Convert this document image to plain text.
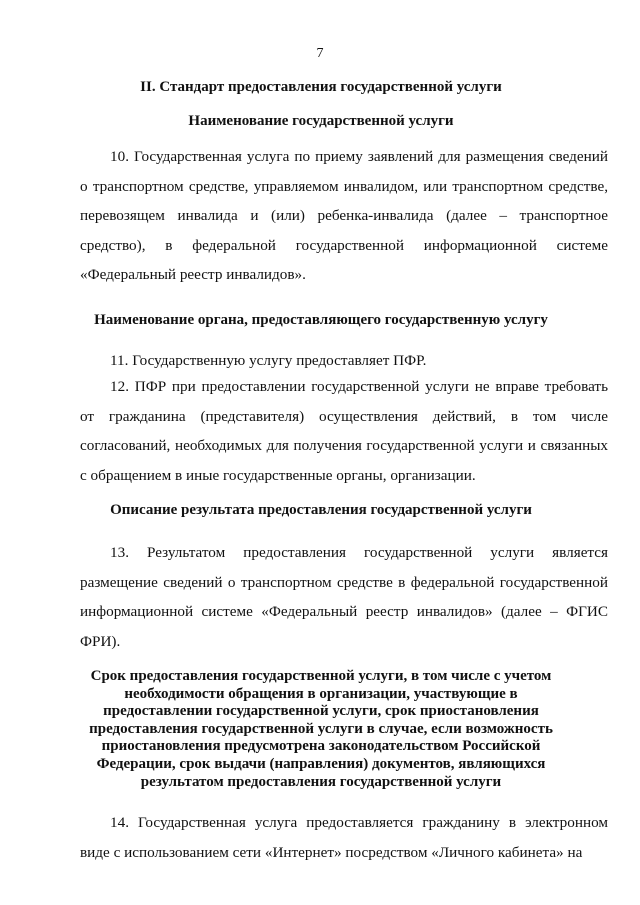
7
II. Стандарт предоставления государственной услуги
Наименование государственной услуги

10. Государственная услуга по приему заявлений для размещения сведений о транспортном средстве, управляемом инвалидом, или транспортном средстве, перевозящем инвалида и (или) ребенка-инвалида (далее – транспортное средство), в федеральной государственной информационной системе «Федеральный реестр инвалидов».

Наименование органа, предоставляющего государственную услугу

11. Государственную услугу предоставляет ПФР.

12. ПФР при предоставлении государственной услуги не вправе требовать от гражданина (представителя) осуществления действий, в том числе согласований, необходимых для получения государственной услуги и связанных с обращением в иные государственные органы, организации.

Описание результата предоставления государственной услуги

13. Результатом предоставления государственной услуги является размещение сведений о транспортном средстве в федеральной государственной информационной системе «Федеральный реестр инвалидов» (далее – ФГИС ФРИ).

Срок предоставления государственной услуги, в том числе с учетом необходимости обращения в организации, участвующие в предоставлении государственной услуги, срок приостановления предоставления государственной услуги в случае, если возможность приостановления предусмотрена законодательством Российской Федерации, срок выдачи (направления) документов, являющихся результатом предоставления государственной услуги

14. Государственная услуга предоставляется гражданину в электронном виде с использованием сети «Интернет» посредством «Личного кабинета» на
